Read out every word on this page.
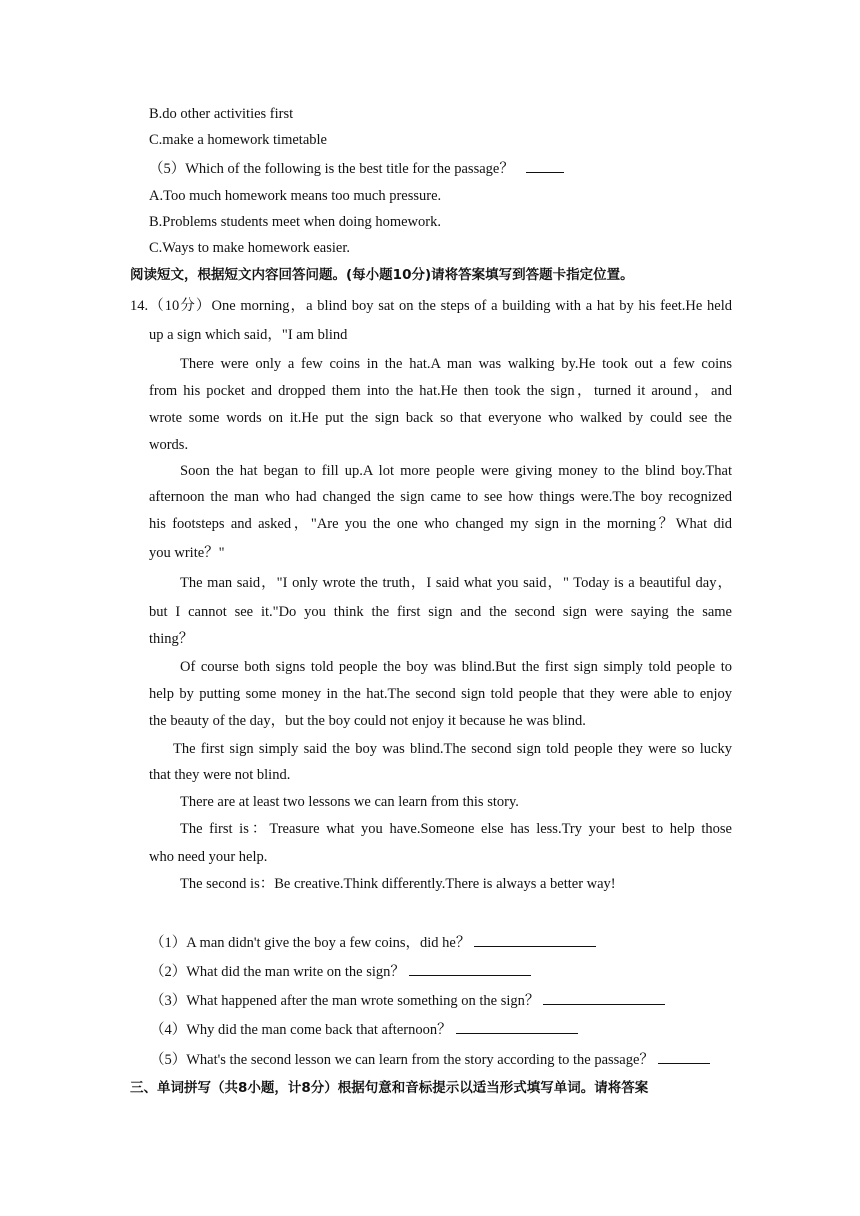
B.do other activities first
C.make a homework timetable
（5）Which of the following is the best title for the passage？
A.Too much homework means too much pressure.
B.Problems students meet when doing homework.
C.Ways to make homework easier.
阅读短文，根据短文内容回答问题。(每小题10分)请将答案填写到答题卡指定位置。
14.（10分）One morning，a blind boy sat on the steps of a building with a hat by his feet.He held
up a sign which said，"I am blind
There were only a few coins in the hat.A man was walking by.He took out a few coins
from his pocket and dropped them into the hat.He then took the sign，turned it around，and
wrote some words on it.He put the sign back so that everyone who walked by could see the
words.
Soon the hat began to fill up.A lot more people were giving money to the blind boy.That
afternoon the man who had changed the sign came to see how things were.The boy recognized
his footsteps and asked，"Are you the one who changed my sign in the morning？What did
you write？"
The man said，"I only wrote the truth，I said what you said，" Today is a beautiful day，
but I cannot see it."Do you think the first sign and the second sign were saying the same
thing？
Of course both signs told people the boy was blind.But the first sign simply told people to
help by putting some money in the hat.The second sign told people that they were able to enjoy
the beauty of the day，but the boy could not enjoy it because he was blind.
The first sign simply said the boy was blind.The second sign told people they were so lucky
that they were not blind.
There are at least two lessons we can learn from this story.
The first is：Treasure what you have.Someone else has less.Try your best to help those
who need your help.
The second is：Be creative.Think differently.There is always a better way!
（1）A man didn't give the boy a few coins，did he？
（2）What did the man write on the sign？
（3）What happened after the man wrote something on the sign？
（4）Why did the man come back that afternoon？
（5）What's the second lesson we can learn from the story according to the passage？
三、单词拼写（共8小题，计8分）根据句意和音标提示以适当形式填写单词。请将答案
